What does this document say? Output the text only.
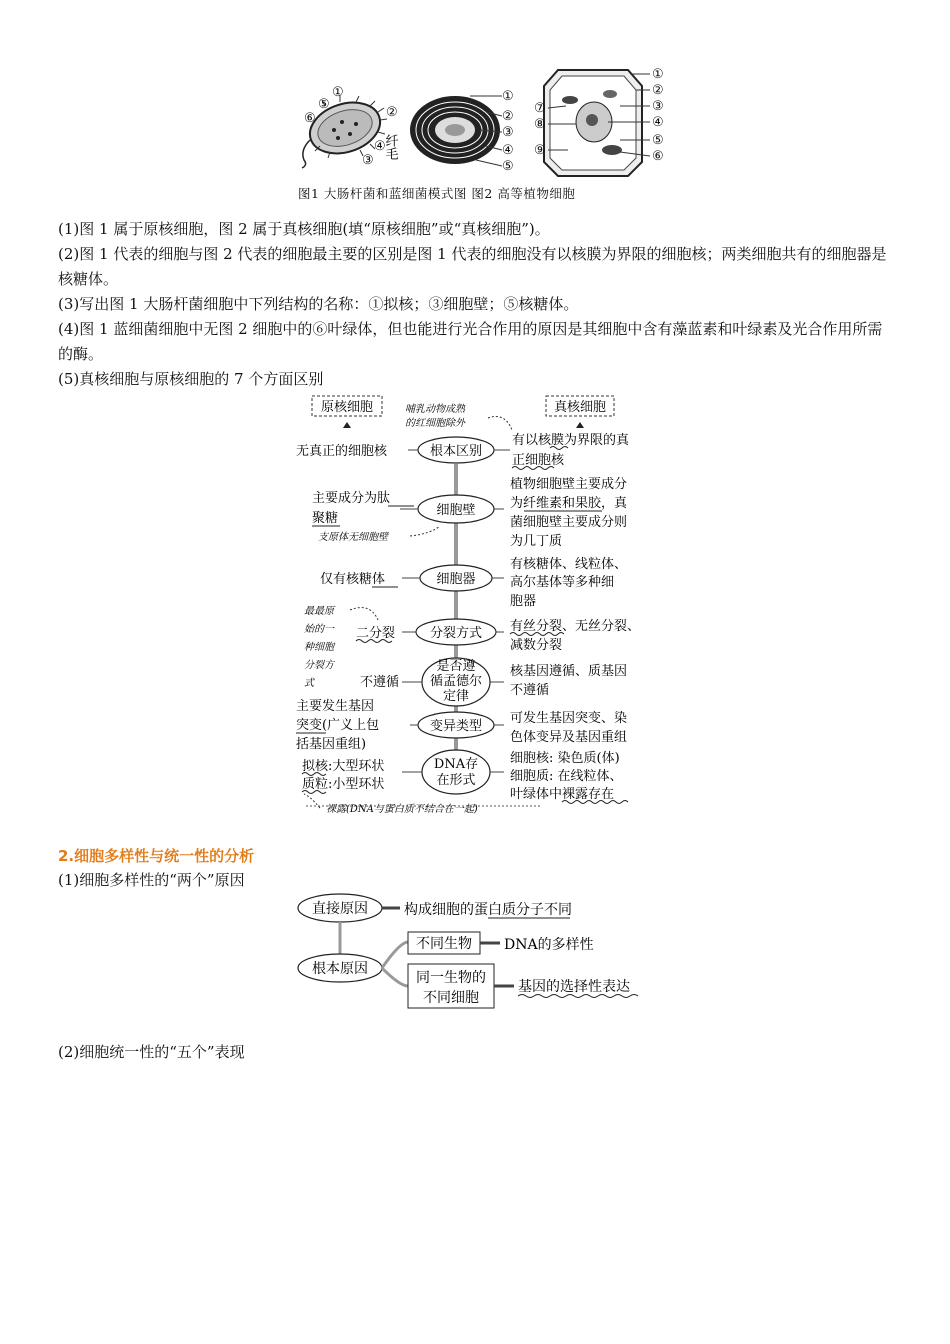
⑤
①
②
⑥
④
③
纤毛
①
②
③
④
⑤
①
②
③
④
⑤
⑥
⑦
⑧
⑨
图1 大肠杆菌和蓝细菌模式图 图2 高等植物细胞
(1)图 1 属于原核细胞，图 2 属于真核细胞(填“原核细胞”或“真核细胞”)。
(2)图 1 代表的细胞与图 2 代表的细胞最主要的区别是图 1 代表的细胞没有以核膜为界限的细胞核；两类细胞共有的细胞器是核糖体。
(3)写出图 1 大肠杆菌细胞中下列结构的名称：①拟核；③细胞壁；⑤核糖体。
(4)图 1 蓝细菌细胞中无图 2 细胞中的⑥叶绿体，但也能进行光合作用的原因是其细胞中含有藻蓝素和叶绿素及光合作用所需的酶。
(5)真核细胞与原核细胞的 7 个方面区别
原核细胞	真核细胞
哺乳动物成熟
的红细胞除外
根本区别
细胞壁
细胞器
分裂方式
是否遵
循孟德尔
定律
变异类型
DNA存
在形式
无真正的细胞核
主要成分为肽
聚糖
仅有核糖体
二分裂
不遵循
主要发生基因
突变(广义上包
括基因重组)
拟核:大型环状
质粒:小型环状
支原体无细胞壁
最最原
始的一
种细胞
分裂方
式
裸露(DNA与蛋白质不结合在一起)
有以核膜为界限的真
正细胞核
植物细胞壁主要成分
为纤维素和果胶，真
菌细胞壁主要成分则
为几丁质
有核糖体、线粒体、
高尔基体等多种细
胞器
有丝分裂、无丝分裂、
减数分裂
核基因遵循、质基因
不遵循
可发生基因突变、染
色体变异及基因重组
细胞核: 染色质(体)
细胞质: 在线粒体、
叶绿体中裸露存在
2.细胞多样性与统一性的分析
(1)细胞多样性的“两个”原因
直接原因	构成细胞的蛋白质分子不同
根本原因
不同生物 DNA的多样性
同一生物的
不同细胞
基因的选择性表达
(2)细胞统一性的“五个”表现
